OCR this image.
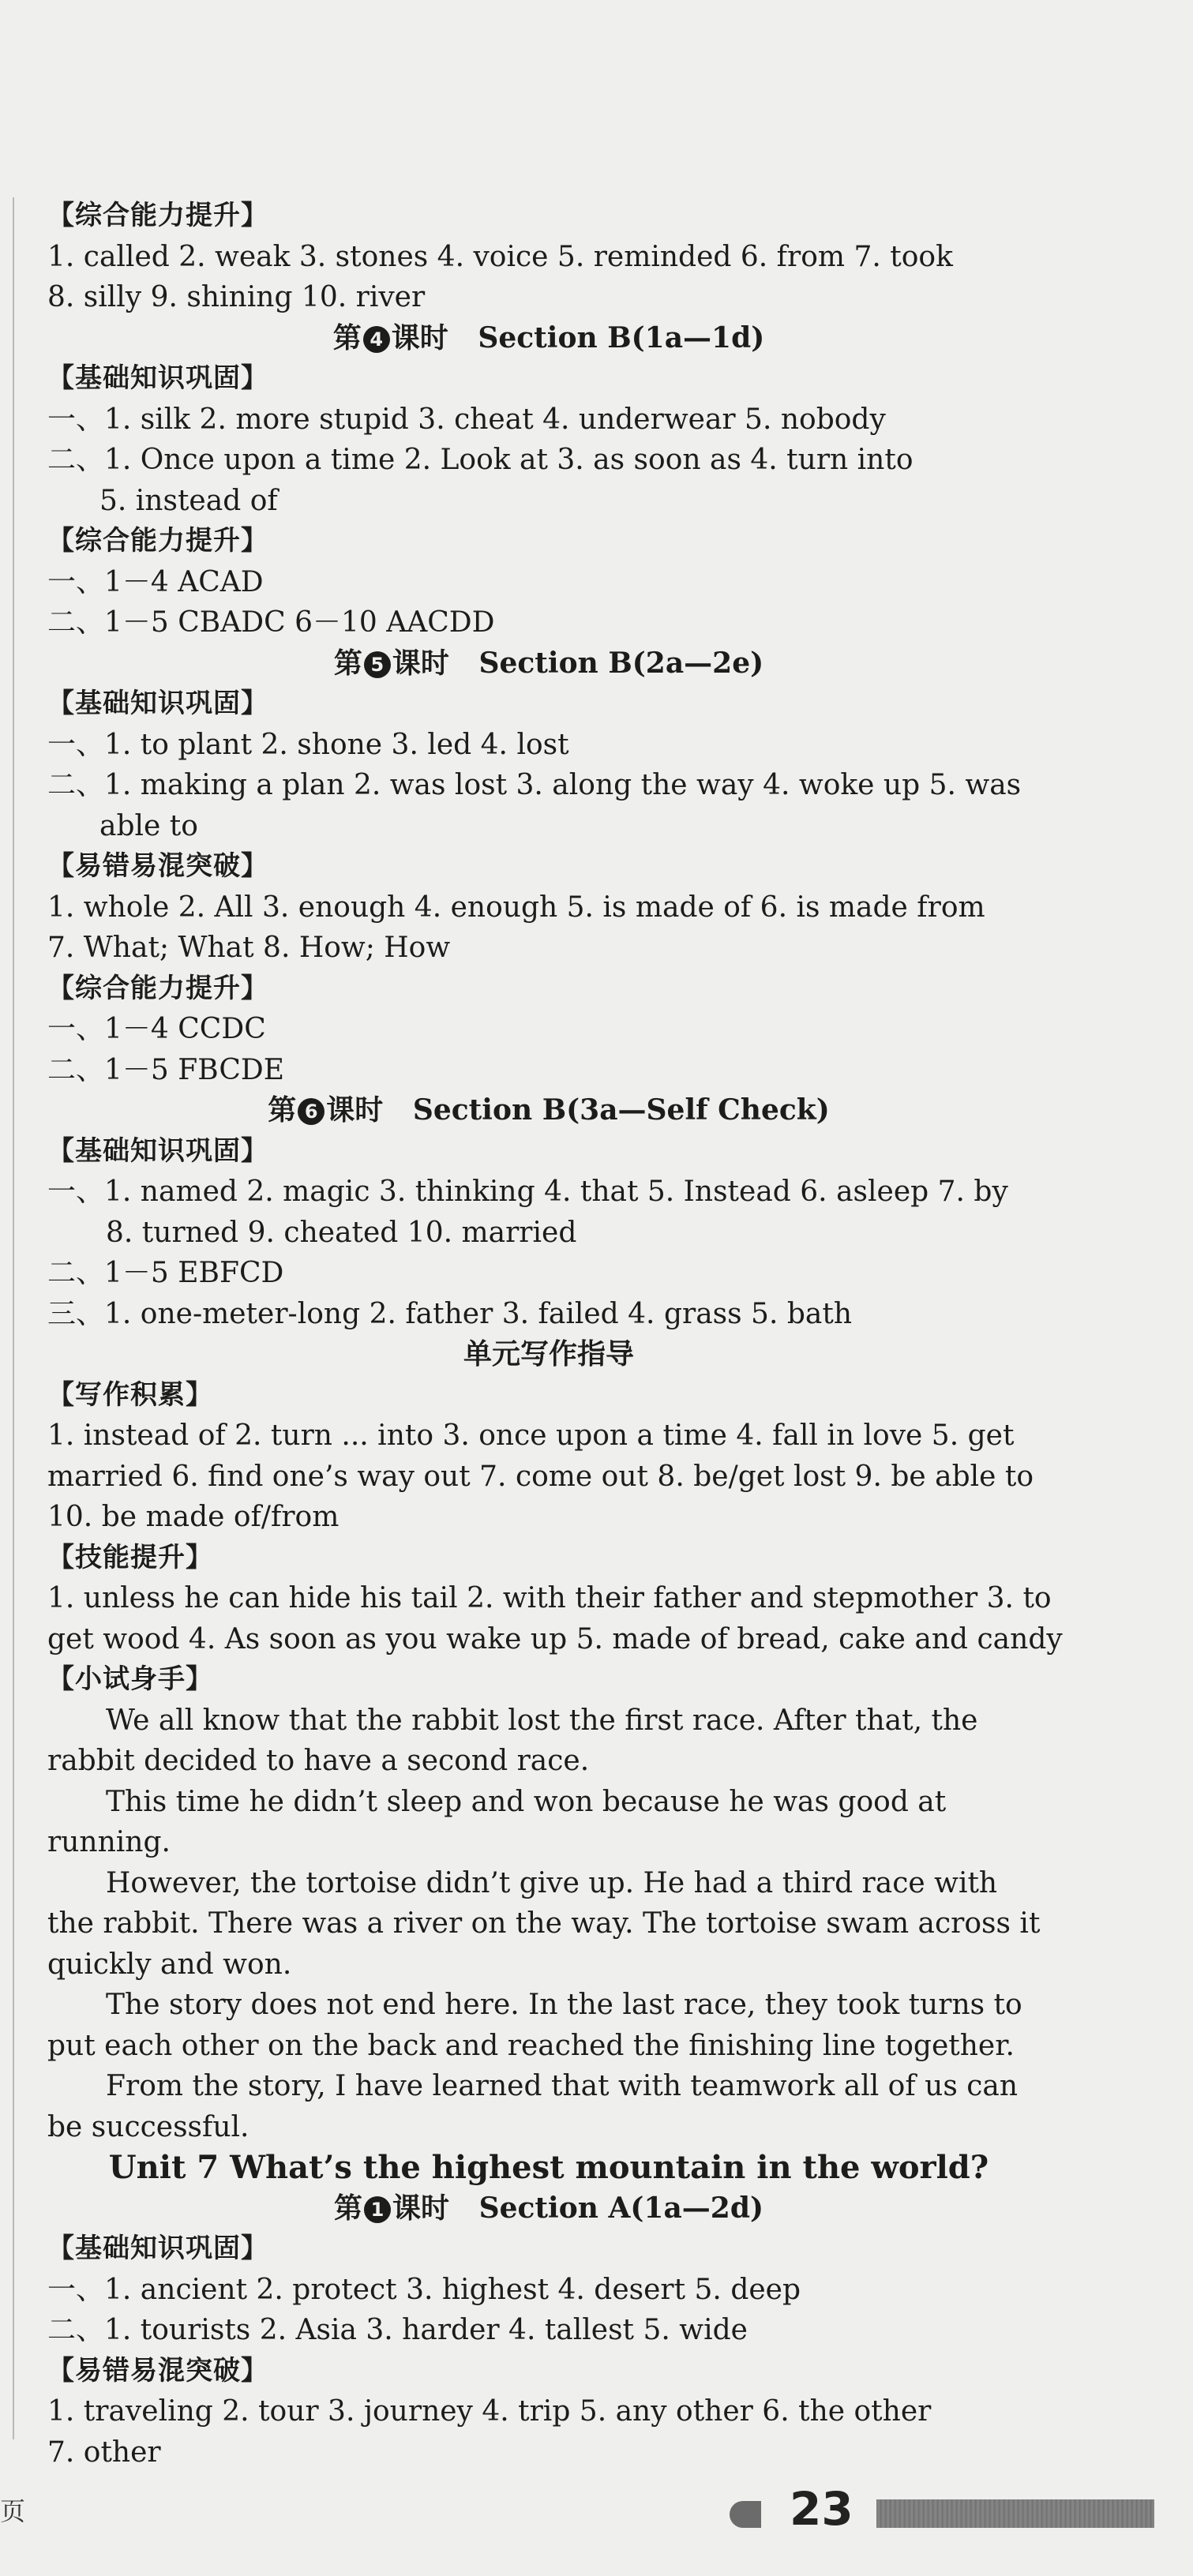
【综合能力提升】
1. called 2. weak 3. stones 4. voice 5. reminded 6. from 7. took
8. silly 9. shining 10. river
第 4 课时 Section B(1a—1d)
【基础知识巩固】
一、1. silk 2. more stupid 3. cheat 4. underwear 5. nobody
二、1. Once upon a time 2. Look at 3. as soon as 4. turn into
5. instead of
【综合能力提升】
一、1－4 ACAD
二、1－5 CBADC 6－10 AACDD
第 5 课时 Section B(2a—2e)
【基础知识巩固】
一、1. to plant 2. shone 3. led 4. lost
二、1. making a plan 2. was lost 3. along the way 4. woke up 5. was
able to
【易错易混突破】
1. whole 2. All 3. enough 4. enough 5. is made of 6. is made from
7. What; What 8. How; How
【综合能力提升】
一、1－4 CCDC
二、1－5 FBCDE
第 6 课时 Section B(3a—Self Check)
【基础知识巩固】
一、1. named 2. magic 3. thinking 4. that 5. Instead 6. asleep 7. by
8. turned 9. cheated 10. married
二、1－5 EBFCD
三、1. one-meter-long 2. father 3. failed 4. grass 5. bath
单元写作指导
【写作积累】
1. instead of 2. turn ... into 3. once upon a time 4. fall in love 5. get
married 6. find one’s way out 7. come out 8. be/get lost 9. be able to
10. be made of/from
【技能提升】
1. unless he can hide his tail 2. with their father and stepmother 3. to
get wood 4. As soon as you wake up 5. made of bread, cake and candy
【小试身手】
We all know that the rabbit lost the first race. After that, the rabbit decided to have a second race.
This time he didn’t sleep and won because he was good at running.
However, the tortoise didn’t give up. He had a third race with the rabbit. There was a river on the way. The tortoise swam across it quickly and won.
The story does not end here. In the last race, they took turns to put each other on the back and reached the finishing line together.
From the story, I have learned that with teamwork all of us can be successful.
Unit 7 What’s the highest mountain in the world?
第 1 课时 Section A(1a—2d)
【基础知识巩固】
一、1. ancient 2. protect 3. highest 4. desert 5. deep
二、1. tourists 2. Asia 3. harder 4. tallest 5. wide
【易错易混突破】
1. traveling 2. tour 3. journey 4. trip 5. any other 6. the other
7. other
页	23
